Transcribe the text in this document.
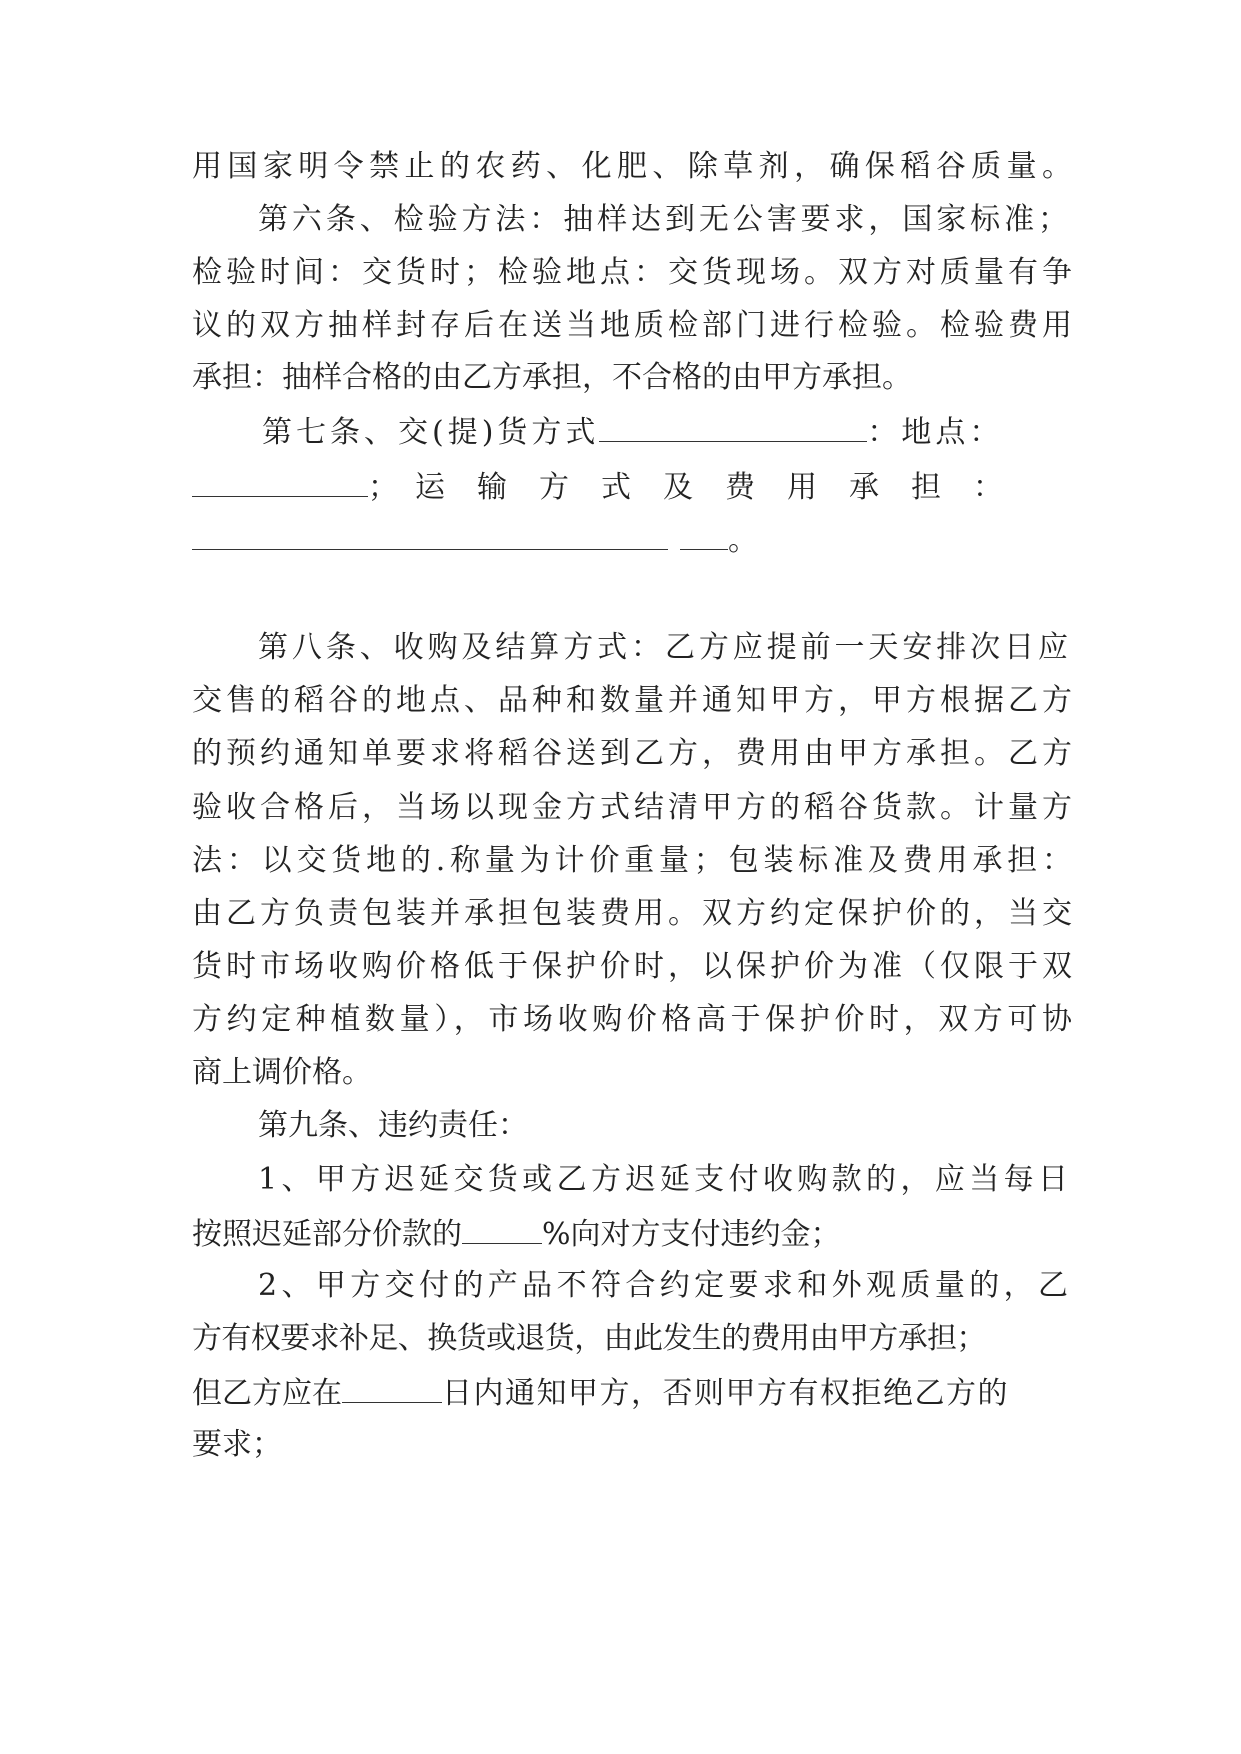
用国家明令禁止的农药、化肥、除草剂，确保稻谷质量。
第六条、检验方法：抽样达到无公害要求，国家标准；
检验时间：交货时；检验地点：交货现场。双方对质量有争
议的双方抽样封存后在送当地质检部门进行检验。检验费用
承担：抽样合格的由乙方承担，不合格的由甲方承担。
第七条、交(提)货方式	：地点：
；　运　输　方　式　及　费　用　承　担　：
。
第八条、收购及结算方式：乙方应提前一天安排次日应
交售的稻谷的地点、品种和数量并通知甲方，甲方根据乙方
的预约通知单要求将稻谷送到乙方，费用由甲方承担。乙方
验收合格后，当场以现金方式结清甲方的稻谷货款。计量方
法：以交货地的.称量为计价重量；包装标准及费用承担：
由乙方负责包装并承担包装费用。双方约定保护价的，当交
货时市场收购价格低于保护价时，以保护价为准（仅限于双
方约定种植数量），市场收购价格高于保护价时，双方可协
商上调价格。
第九条、违约责任：
1、甲方迟延交货或乙方迟延支付收购款的，应当每日
按照迟延部分价款的	%向对方支付违约金；
2、甲方交付的产品不符合约定要求和外观质量的，乙
方有权要求补足、换货或退货，由此发生的费用由甲方承担；
但乙方应在	日内通知甲方，否则甲方有权拒绝乙方的
要求；
